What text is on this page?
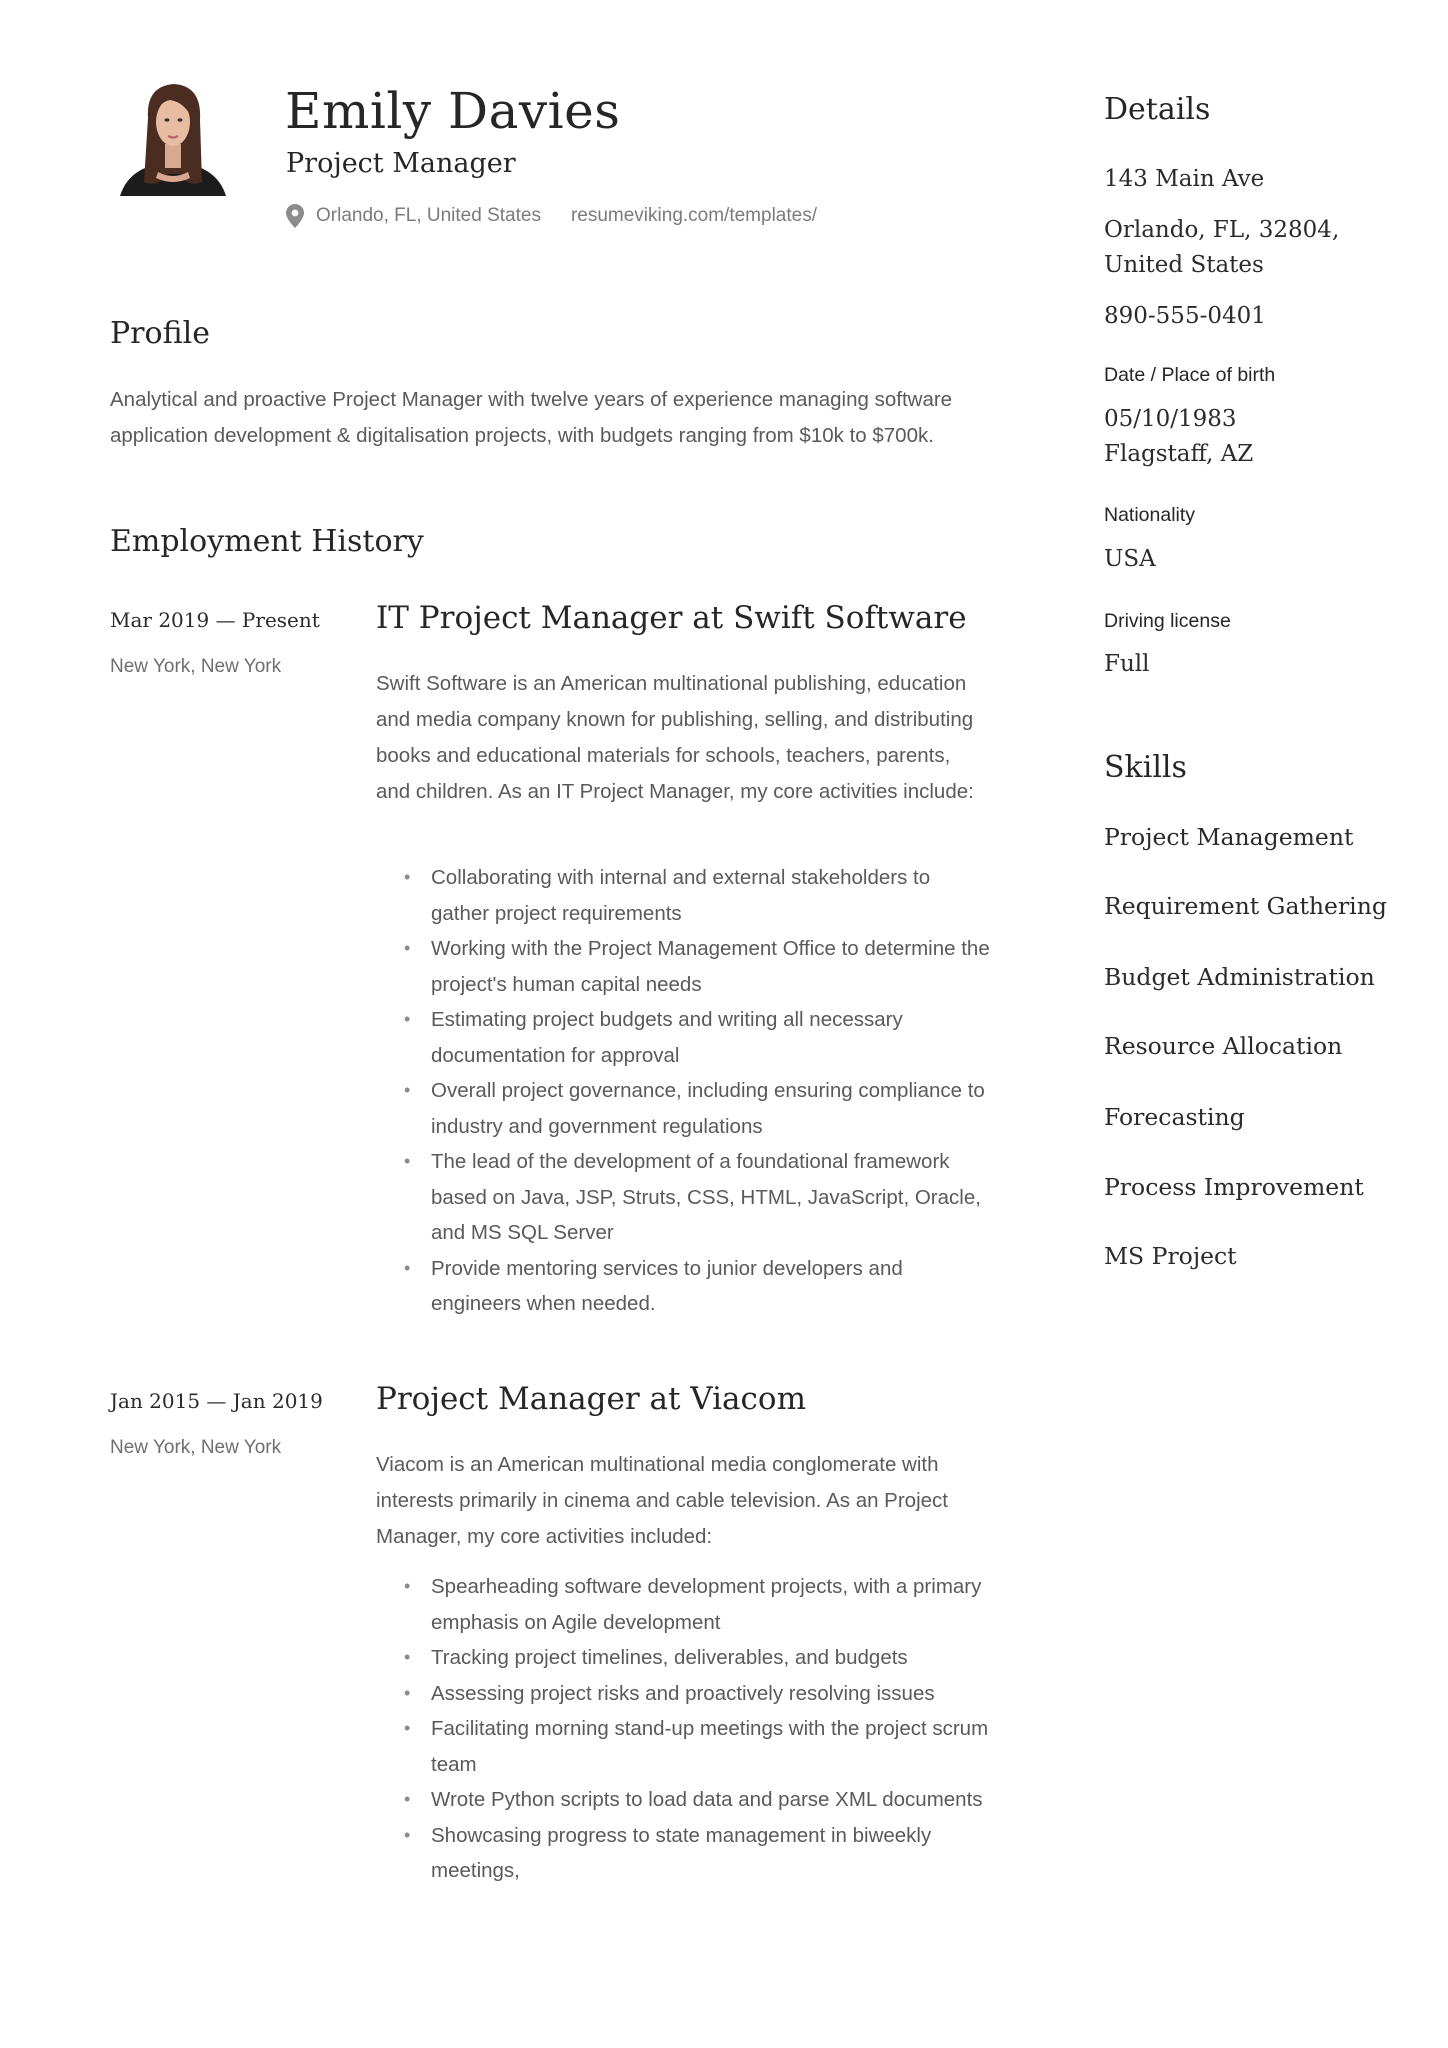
Emily Davies
Project Manager
Orlando, FL, United States resumeviking.com/templates/
Profile
Analytical and proactive Project Manager with twelve years of experience managing software application development & digitalisation projects, with budgets ranging from $10k to $700k.
Employment History
Mar 2019 — Present
New York, New York
IT Project Manager at Swift Software
Swift Software is an American multinational publishing, education and media company known for publishing, selling, and distributing books and educational materials for schools, teachers, parents, and children. As an IT Project Manager, my core activities include:
• Collaborating with internal and external stakeholders to gather project requirements
• Working with the Project Management Office to determine the project's human capital needs
• Estimating project budgets and writing all necessary documentation for approval
• Overall project governance, including ensuring compliance to industry and government regulations
• The lead of the development of a foundational framework based on Java, JSP, Struts, CSS, HTML, JavaScript, Oracle, and MS SQL Server
• Provide mentoring services to junior developers and engineers when needed.
Jan 2015 — Jan 2019
New York, New York
Project Manager at Viacom
Viacom is an American multinational media conglomerate with interests primarily in cinema and cable television. As an Project Manager, my core activities included:
• Spearheading software development projects, with a primary emphasis on Agile development
• Tracking project timelines, deliverables, and budgets
• Assessing project risks and proactively resolving issues
• Facilitating morning stand-up meetings with the project scrum team
• Wrote Python scripts to load data and parse XML documents
• Showcasing progress to state management in biweekly meetings,
Details
143 Main Ave
Orlando, FL, 32804,
United States
890-555-0401
Date / Place of birth
05/10/1983
Flagstaff, AZ
Nationality
USA
Driving license
Full
Skills
Project Management
Requirement Gathering
Budget Administration
Resource Allocation
Forecasting
Process Improvement
MS Project
